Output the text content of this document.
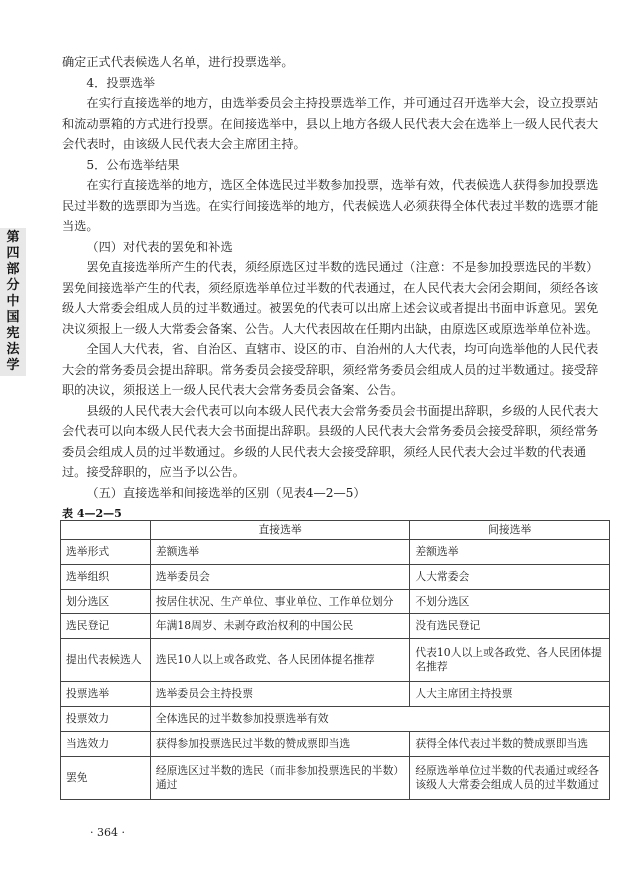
第四部分 中国宪法学

确定正式代表候选人名单，进行投票选举。

4．投票选举

在实行直接选举的地方，由选举委员会主持投票选举工作，并可通过召开选举大会，设立投票站和流动票箱的方式进行投票。在间接选举中，县以上地方各级人民代表大会在选举上一级人民代表大会代表时，由该级人民代表大会主席团主持。

5．公布选举结果

在实行直接选举的地方，选区全体选民过半数参加投票，选举有效，代表候选人获得参加投票选民过半数的选票即为当选。在实行间接选举的地方，代表候选人必须获得全体代表过半数的选票才能当选。

（四）对代表的罢免和补选

罢免直接选举所产生的代表，须经原选区过半数的选民通过（注意：不是参加投票选民的半数）罢免间接选举产生的代表，须经原选举单位过半数的代表通过，在人民代表大会闭会期间，须经各该级人大常委会组成人员的过半数通过。被罢免的代表可以出席上述会议或者提出书面申诉意见。罢免决议须报上一级人大常委会备案、公告。人大代表因故在任期内出缺，由原选区或原选举单位补选。

全国人大代表，省、自治区、直辖市、设区的市、自治州的人大代表，均可向选举他的人民代表大会的常务委员会提出辞职。常务委员会接受辞职，须经常务委员会组成人员的过半数通过。接受辞职的决议，须报送上一级人民代表大会常务委员会备案、公告。

县级的人民代表大会代表可以向本级人民代表大会常务委员会书面提出辞职，乡级的人民代表大会代表可以向本级人民代表大会书面提出辞职。县级的人民代表大会常务委员会接受辞职，须经常务委员会组成人员的过半数通过。乡级的人民代表大会接受辞职，须经人民代表大会过半数的代表通过。接受辞职的，应当予以公告。

（五）直接选举和间接选举的区别（见表4—2—5）

表 4—2—5
	直接选举	间接选举
选举形式	差额选举	差额选举
选举组织	选举委员会	人大常委会
划分选区	按居住状况、生产单位、事业单位、工作单位划分	不划分选区
选民登记	年满18周岁、未剥夺政治权利的中国公民	没有选民登记
提出代表候选人	选民10人以上或各政党、各人民团体提名推荐	代表10人以上或各政党、各人民团体提名推荐
投票选举	选举委员会主持投票	人大主席团主持投票
投票效力	全体选民的过半数参加投票选举有效	
当选效力	获得参加投票选民过半数的赞成票即当选	获得全体代表过半数的赞成票即当选
罢免	经原选区过半数的选民（而非参加投票选民的半数）通过	经原选举单位过半数的代表通过或经各该级人大常委会组成人员的过半数通过
· 364 ·
